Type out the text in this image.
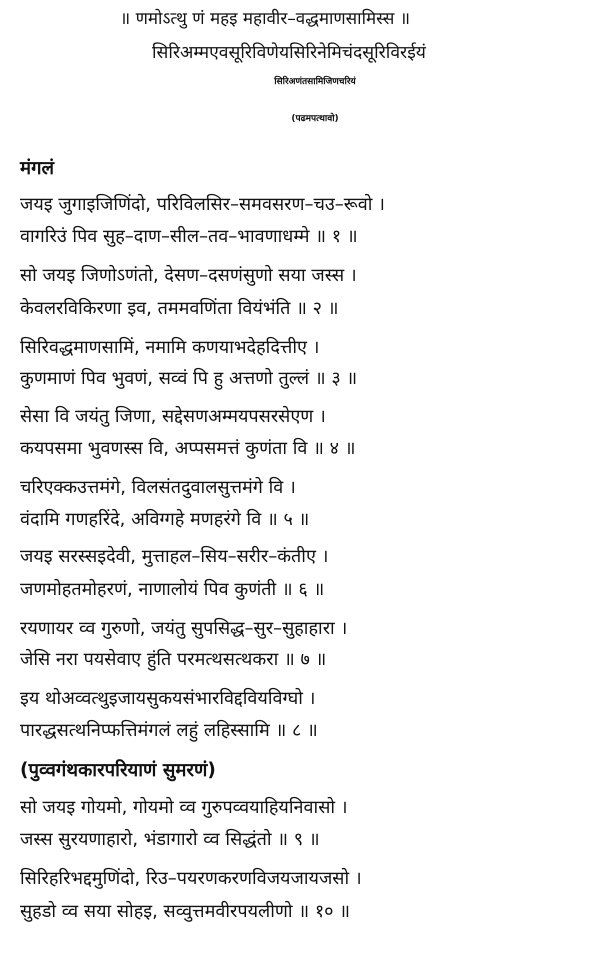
॥ णमोऽत्थु णं महइ महावीर–वद्धमाणसामिस्स ॥
सिरिअम्मएवसूरिविणेयसिरिनेमिचंदसूरिविरईयं
सिरिअणंतसामिजिणचरियं
(पढमपत्थावो)
मंगलं
जयइ जुगाइजिणिंदो, परिविलसिर–समवसरण–चउ–रूवो ।
वागरिउं पिव सुह–दाण–सील–तव–भावणाधम्मे ॥ १ ॥
सो जयइ जिणोऽणंतो, देसण–दसणंसुणो सया जस्स ।
केवलरविकिरणा इव, तममवणिंता वियंभंति ॥ २ ॥
सिरिवद्धमाणसामिं, नमामि कणयाभदेहदित्तीए ।
कुणमाणं पिव भुवणं, सव्वं पि हु अत्तणो तुल्लं ॥ ३ ॥
सेसा वि जयंतु जिणा, सद्देसणअम्मयपसरसेएण ।
कयपसमा भुवणस्स वि, अप्पसमत्तं कुणंता वि ॥ ४ ॥
चरिएक्कउत्तमंगे, विलसंतदुवालसुत्तमंगे वि ।
वंदामि गणहरिंदे, अविग्गहे मणहरंगे वि ॥ ५ ॥
जयइ सरस्सइदेवी, मुत्ताहल–सिय–सरीर–कंतीए ।
जणमोहतमोहरणं, नाणालोयं पिव कुणंती ॥ ६ ॥
रयणायर व्व गुरुणो, जयंतु सुपसिद्ध–सुर–सुहाहारा ।
जेसि नरा पयसेवाए हुंति परमत्थसत्थकरा ॥ ७ ॥
इय थोअव्वत्थुइजायसुकयसंभारविद्दवियविग्घो ।
पारद्धसत्थनिप्फत्तिमंगलं लहुं लहिस्सामि ॥ ८ ॥
(पुव्वगंथकारपरियाणं सुमरणं)
सो जयइ गोयमो, गोयमो व्व गुरुपव्वयाहियनिवासो ।
जस्स सुरयणाहारो, भंडागारो व्व सिद्धंतो ॥ ९ ॥
सिरिहरिभद्दमुणिंदो, रिउ–पयरणकरणविजयजायजसो ।
सुहडो व्व सया सोहइ, सव्वुत्तमवीरपयलीणो ॥ १० ॥
